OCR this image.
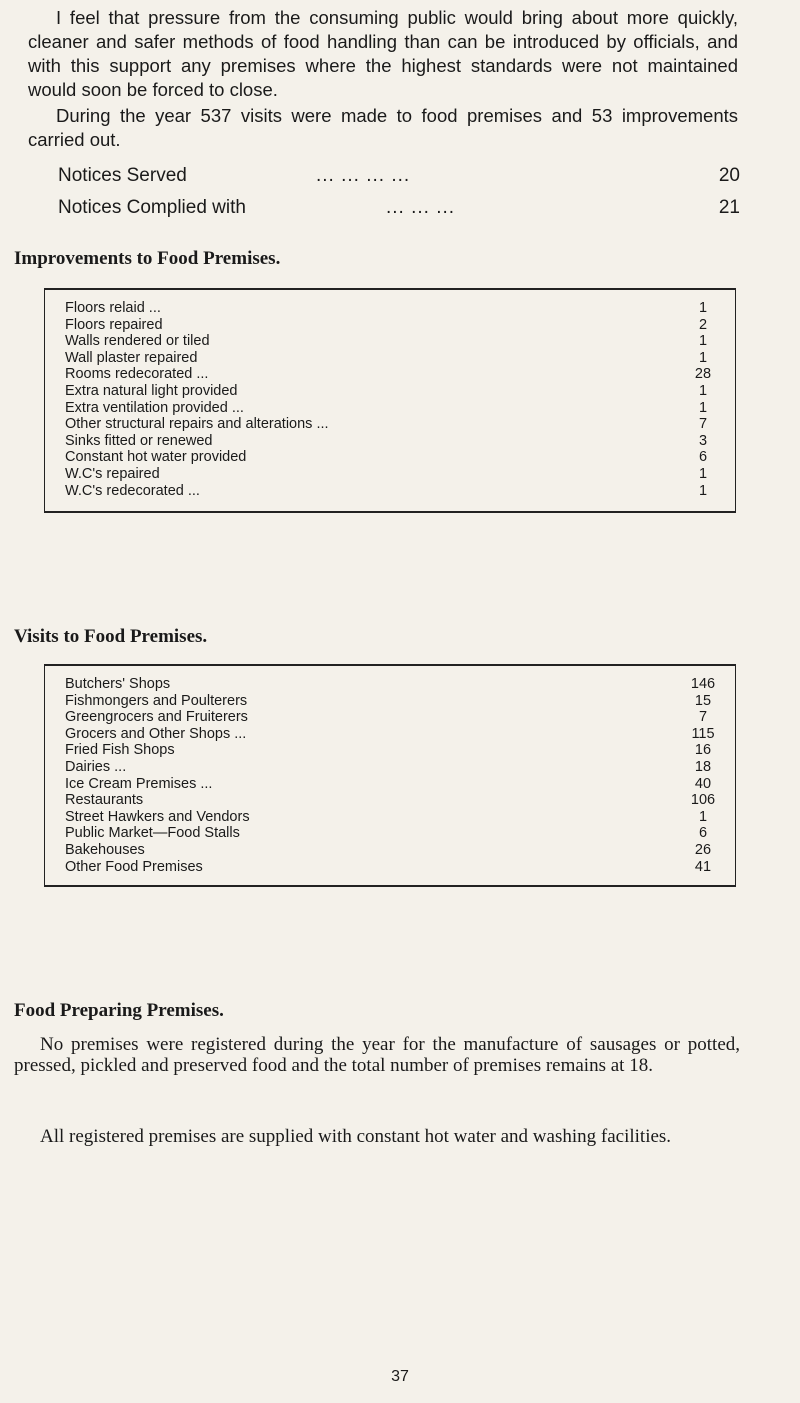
I feel that pressure from the consuming public would bring about more quickly, cleaner and safer methods of food handling than can be introduced by officials, and with this support any premises where the highest standards were not maintained would soon be forced to close.
During the year 537 visits were made to food premises and 53 improvements carried out.
Notices Served	... ... ... ...	20
Notices Complied with	... ... ...	21
Improvements to Food Premises.
Floors relaid ...	1
Floors repaired	2
Walls rendered or tiled	1
Wall plaster repaired	1
Rooms redecorated ...	28
Extra natural light provided	1
Extra ventilation provided ...	1
Other structural repairs and alterations ...	7
Sinks fitted or renewed	3
Constant hot water provided	6
W.C's repaired	1
W.C's redecorated ...	1
Visits to Food Premises.
Butchers' Shops	146
Fishmongers and Poulterers	15
Greengrocers and Fruiterers	7
Grocers and Other Shops ...	115
Fried Fish Shops	16
Dairies ...	18
Ice Cream Premises ...	40
Restaurants	106
Street Hawkers and Vendors	1
Public Market—Food Stalls	6
Bakehouses	26
Other Food Premises	41
Food Preparing Premises.
No premises were registered during the year for the manufacture of sausages or potted, pressed, pickled and preserved food and the total number of premises remains at 18.
All registered premises are supplied with constant hot water and washing facilities.
37
